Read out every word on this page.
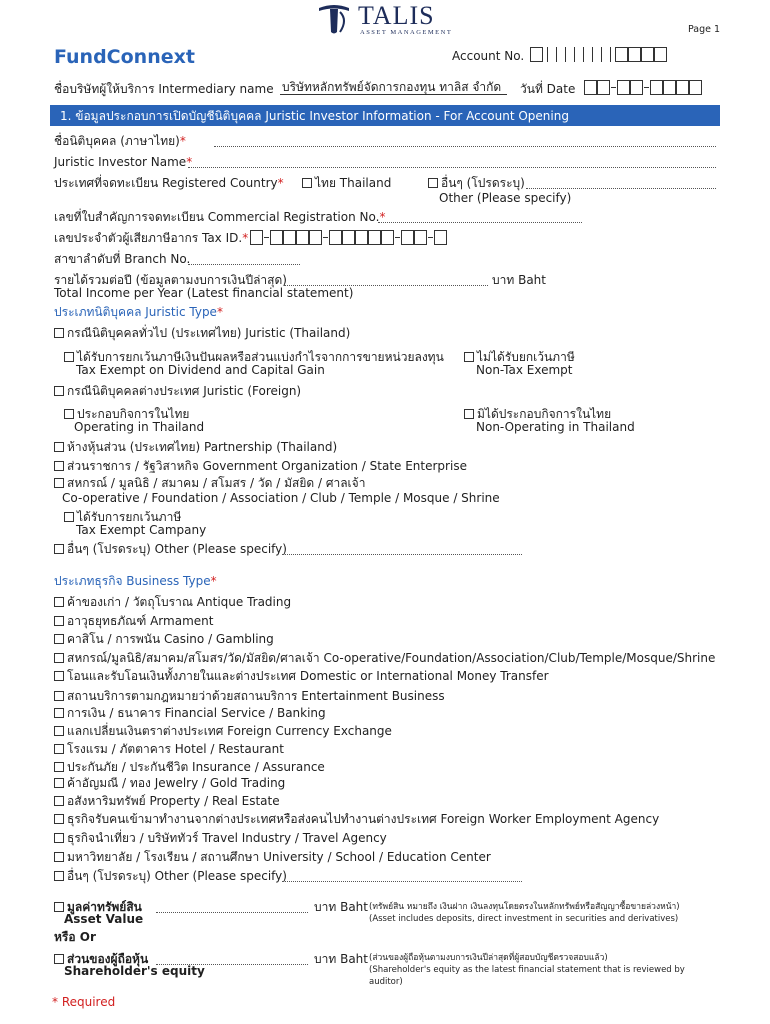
TALIS
ASSET MANAGEMENT	Page 1
FundConnext	Account No.
ชื่อบริษัทผู้ให้บริการ Intermediary name บริษัทหลักทรัพย์จัดการกองทุน ทาลิส จำกัด	วันที่ Date
1. ข้อมูลประกอบการเปิดบัญชีนิติบุคคล Juristic Investor Information - For Account Opening
ชื่อนิติบุคคล (ภาษาไทย)*
Juristic Investor Name*
ประเทศที่จดทะเบียน Registered Country*	ไทย Thailand	อื่นๆ (โปรดระบุ)
Other (Please specify)
เลขที่ใบสำคัญการจดทะเบียน Commercial Registration No.*
เลขประจำตัวผู้เสียภาษีอากร Tax ID.*
สาขาลำดับที่ Branch No.
รายได้รวมต่อปี (ข้อมูลตามงบการเงินปีล่าสุด)	บาท Baht
Total Income per Year (Latest financial statement)
ประเภทนิติบุคคล Juristic Type*
กรณีนิติบุคคลทั่วไป (ประเทศไทย) Juristic (Thailand)
ได้รับการยกเว้นภาษีเงินปันผลหรือส่วนแบ่งกำไรจากการขายหน่วยลงทุน
Tax Exempt on Dividend and Capital Gain
ไม่ได้รับยกเว้นภาษี
Non-Tax Exempt
กรณีนิติบุคคลต่างประเทศ Juristic (Foreign)
ประกอบกิจการในไทย
Operating in Thailand
มิได้ประกอบกิจการในไทย
Non-Operating in Thailand
ห้างหุ้นส่วน (ประเทศไทย) Partnership (Thailand)
ส่วนราชการ / รัฐวิสาหกิจ Government Organization / State Enterprise
สหกรณ์ / มูลนิธิ / สมาคม / สโมสร / วัด / มัสยิด / ศาลเจ้า
Co-operative / Foundation / Association / Club / Temple / Mosque / Shrine
ได้รับการยกเว้นภาษี
Tax Exempt Campany
อื่นๆ (โปรดระบุ) Other (Please specify)
ประเภทธุรกิจ Business Type*
ค้าของเก่า / วัตถุโบราณ Antique Trading
อาวุธยุทธภัณฑ์ Armament
คาสิโน / การพนัน Casino / Gambling
สหกรณ์/มูลนิธิ/สมาคม/สโมสร/วัด/มัสยิด/ศาลเจ้า Co-operative/Foundation/Association/Club/Temple/Mosque/Shrine
โอนและรับโอนเงินทั้งภายในและต่างประเทศ Domestic or International Money Transfer
สถานบริการตามกฎหมายว่าด้วยสถานบริการ Entertainment Business
การเงิน / ธนาคาร Financial Service / Banking
แลกเปลี่ยนเงินตราต่างประเทศ Foreign Currency Exchange
โรงแรม / ภัตตาคาร Hotel / Restaurant
ประกันภัย / ประกันชีวิต Insurance / Assurance
ค้าอัญมณี / ทอง Jewelry / Gold Trading
อสังหาริมทรัพย์ Property / Real Estate
ธุรกิจรับคนเข้ามาทำงานจากต่างประเทศหรือส่งคนไปทำงานต่างประเทศ Foreign Worker Employment Agency
ธุรกิจนำเที่ยว / บริษัททัวร์ Travel Industry / Travel Agency
มหาวิทยาลัย / โรงเรียน / สถานศึกษา University / School / Education Center
อื่นๆ (โปรดระบุ) Other (Please specify)
มูลค่าทรัพย์สิน	บาท Baht
Asset Value
(ทรัพย์สิน หมายถึง เงินฝาก เงินลงทุนโดยตรงในหลักทรัพย์หรือสัญญาซื้อขายล่วงหน้า)
(Asset includes deposits, direct investment in securities and derivatives)
หรือ Or
ส่วนของผู้ถือหุ้น	บาท Baht
Shareholder's equity
(ส่วนของผู้ถือหุ้นตามงบการเงินปีล่าสุดที่ผู้สอบบัญชีตรวจสอบแล้ว)
(Shareholder's equity as the latest financial statement that is reviewed by
auditor)
* Required
